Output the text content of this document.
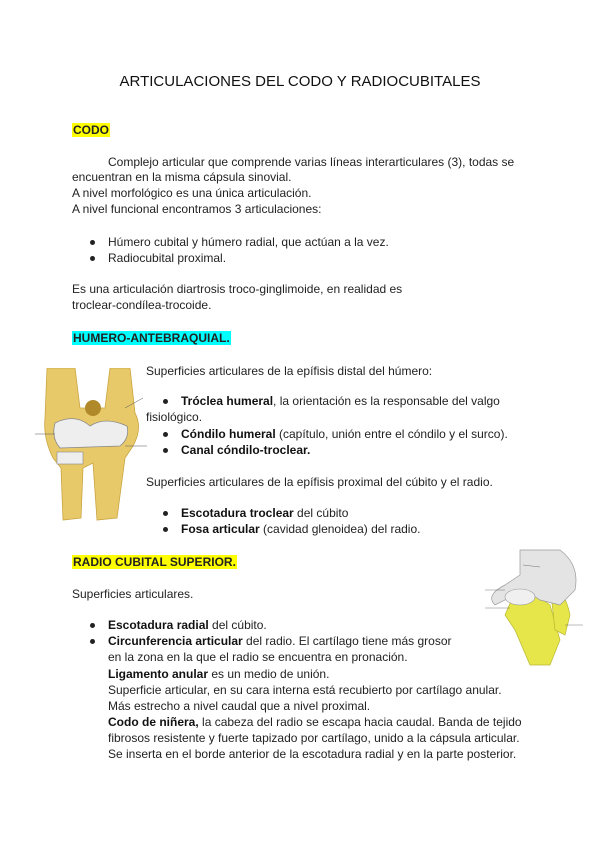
ARTICULACIONES DEL CODO Y RADIOCUBITALES
CODO
Complejo articular que comprende varias líneas interarticulares (3), todas se
encuentran en la misma cápsula sinovial.
A nivel morfológico es una única articulación.
A nivel funcional encontramos 3 articulaciones:
Húmero cubital y húmero radial, que actúan a la vez.
Radiocubital proximal.
Es una articulación diartrosis troco-ginglimoide, en realidad es
troclear-condílea-trocoide.
HUMERO-ANTEBRAQUIAL.
Superficies articulares de la epífisis distal del húmero:
Tróclea humeral, la orientación es la responsable del valgo
fisiológico.
Cóndilo humeral (capítulo, unión entre el cóndilo y el surco).
Canal cóndilo-troclear.
Superficies articulares de la epífisis proximal del cúbito y el radio.
Escotadura troclear del cúbito
Fosa articular (cavidad glenoidea) del radio.
RADIO CUBITAL SUPERIOR.
Superficies articulares.
Escotadura radial del cúbito.
Circunferencia articular del radio. El cartílago tiene más grosor
en la zona en la que el radio se encuentra en pronación.
Ligamento anular es un medio de unión.
Superficie articular, en su cara interna está recubierto por cartílago anular.
Más estrecho a nivel caudal que a nivel proximal.
Codo de niñera, la cabeza del radio se escapa hacia caudal. Banda de tejido
fibrosos resistente y fuerte tapizado por cartílago, unido a la cápsula articular.
Se inserta en el borde anterior de la escotadura radial y en la parte posterior.
